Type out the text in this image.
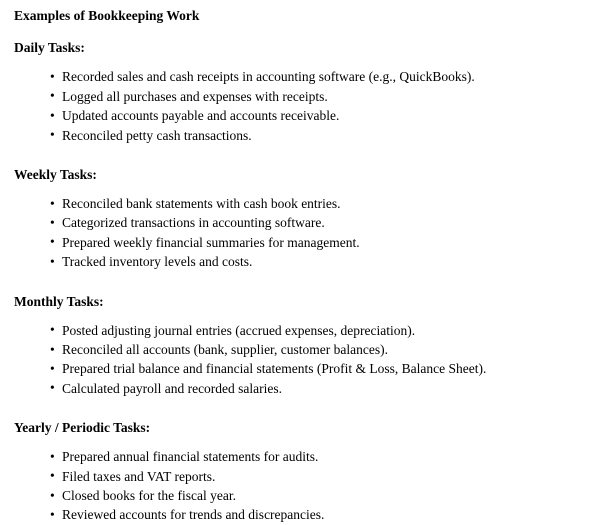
Examples of Bookkeeping Work
Daily Tasks:
• Recorded sales and cash receipts in accounting software (e.g., QuickBooks).
• Logged all purchases and expenses with receipts.
• Updated accounts payable and accounts receivable.
• Reconciled petty cash transactions.
Weekly Tasks:
• Reconciled bank statements with cash book entries.
• Categorized transactions in accounting software.
• Prepared weekly financial summaries for management.
• Tracked inventory levels and costs.
Monthly Tasks:
• Posted adjusting journal entries (accrued expenses, depreciation).
• Reconciled all accounts (bank, supplier, customer balances).
• Prepared trial balance and financial statements (Profit & Loss, Balance Sheet).
• Calculated payroll and recorded salaries.
Yearly / Periodic Tasks:
• Prepared annual financial statements for audits.
• Filed taxes and VAT reports.
• Closed books for the fiscal year.
• Reviewed accounts for trends and discrepancies.
